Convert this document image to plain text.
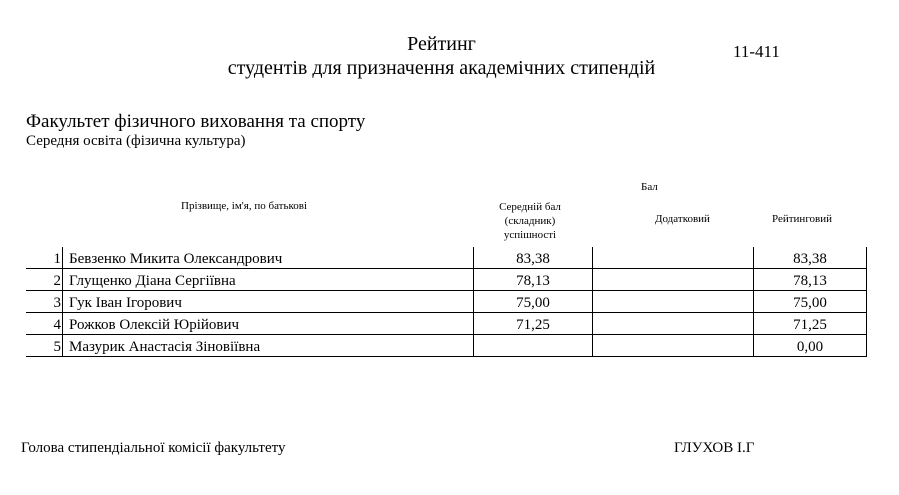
Рейтинг
студентів для призначення академічних стипендій
11-411
Факультет фізичного виховання та спорту
Середня освіта (фізична культура)
Бал
Прізвище, ім'я, по батькові	Середній бал
(складник)
успішності
Додатковий	Рейтинговий
1	Бевзенко Микита Олександрович	83,38		83,38	
2	Глущенко Діана Сергіївна	78,13		78,13	
3	Гук Іван Ігорович	75,00		75,00	
4	Рожков Олексій Юрійович	71,25		71,25	
5	Мазурик Анастасія Зіновіївна			0,00	
Голова стипендіальної комісії факультету	ГЛУХОВ І.Г
